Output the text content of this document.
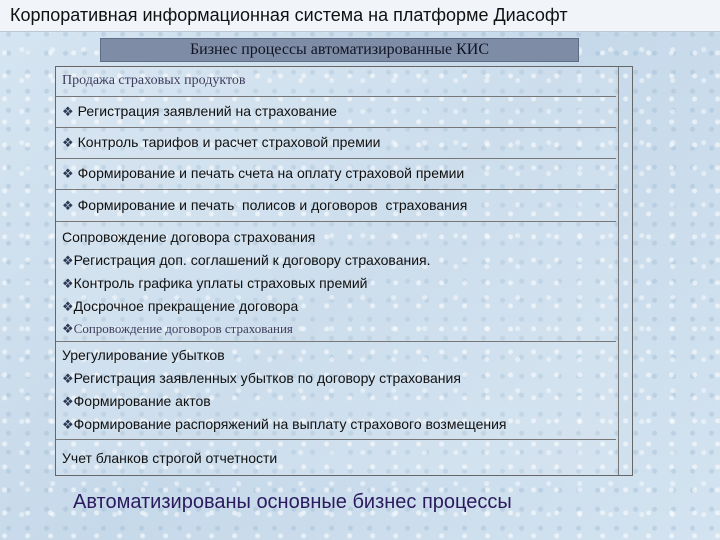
Корпоративная информационная система на платформе Диасофт
Бизнес процессы автоматизированные КИС
Продажа страховых продуктов
❖ Регистрация заявлений на страхование
❖ Контроль тарифов и расчет страховой премии
❖ Формирование и печать счета на оплату страховой премии
❖ Формирование и печать  полисов и договоров  страхования
Сопровождение договора страхования
❖Регистрация доп. соглашений к договору страхования.
❖Контроль графика уплаты страховых премий
❖Досрочное прекращение договора
❖Сопровождение договоров страхования
Урегулирование убытков
❖Регистрация заявленных убытков по договору страхования
❖Формирование актов
❖Формирование распоряжений на выплату страхового возмещения
Учет бланков строгой отчетности
Автоматизированы основные бизнес процессы
